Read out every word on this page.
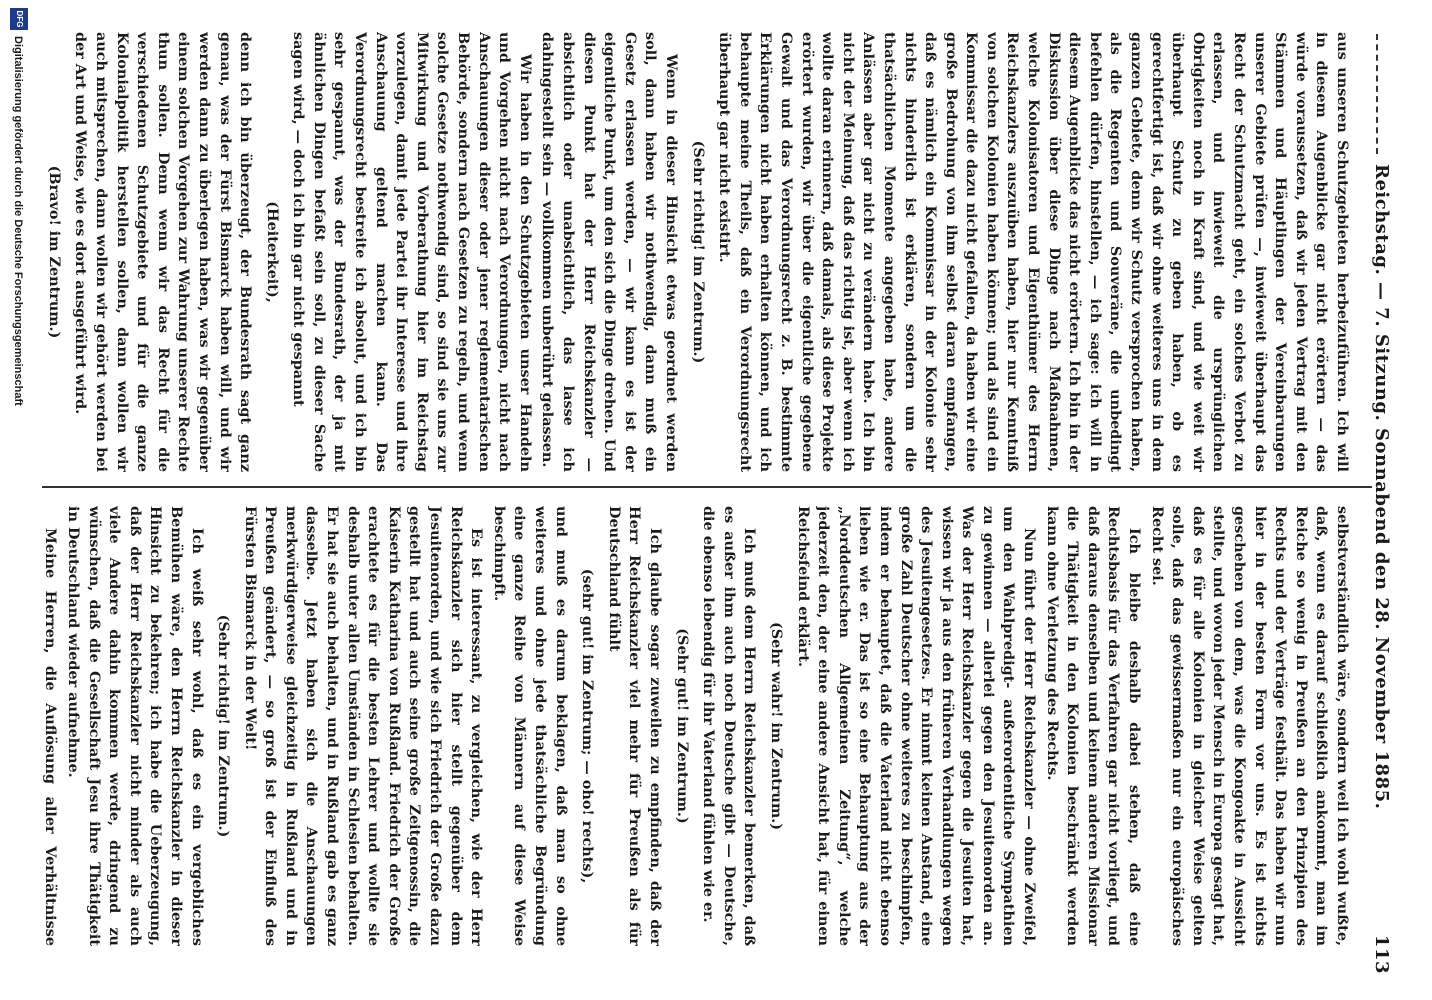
Reichstag. — 7. Sitzung. Sonnabend den 28. November 1885.
113

aus unseren Schutzgebieten herbeizuführen. Ich will in diesem Augenblicke gar nicht erörtern — das würde voraussetzen, daß wir jeden Vertrag mit den Stämmen und Häuptlingen der Vereinbarungen unserer Gebiete prüfen —, inwieweit überhaupt das Recht der Schutzmacht geht, ein solches Verbot zu erlassen, und inwieweit die ursprünglichen Obrigkeiten noch in Kraft sind, und wie weit wir überhaupt Schutz zu geben haben, ob es gerechtfertigt ist, daß wir ohne weiteres uns in dem ganzen Gebiete, denn wir Schutz versprochen haben, als die Regenten und Souveräne, die unbedingt befehlen dürfen, hinstellen, — ich sage: ich will in diesem Augenblicke das nicht erörtern. Ich bin in der Diskussion über diese Dinge nach Maßnahmen, welche Kolonisatoren und Eigenthümer des Herrn Reichskanzlers auszuüben haben, hier nur Kenntniß von solchen Kolonien haben können; und als sind ein Kommissar die dazu nicht gefallen, da haben wir eine große Bedrohung von ihm selbst daran empfangen, daß es nämlich ein Kommissar in der Kolonie sehr nichts hinderlich ist erklären, sondern um die thatsächlichen Momente angegeben habe, andere Anlässen aber gar nicht zu verändern habe. Ich bin nicht der Meinung, daß das richtig ist, aber wenn ich wollte daran erinnern, daß damals, als diese Projekte erörtert wurden, wir über die eigentliche gegebene Gewalt und das Verordnungsrecht z. B. bestimmte Erklärungen nicht haben erhalten können, und ich behaupte meine Theils, daß ein Verordnungsrecht überhaupt gar nicht existirt.

(Sehr richtig! im Zentrum.)

Wenn in dieser Hinsicht etwas geordnet werden soll, dann haben wir nothwendig, dann muß ein Gesetz erlassen werden, — wir kann es ist der eigentliche Punkt, um den sich die Dinge drehen. Und diesen Punkt hat der Herr Reichskanzler — absichtlich oder unabsichtlich, das lasse ich dahingestellt sein — vollkommen unberührt gelassen.

Wir haben in den Schutzgebieten unser Handeln und Vorgehen nicht nach Verordnungen, nicht nach Anschauungen dieser oder jener reglementarischen Behörde, sondern nach Gesetzen zu regeln, und wenn solche Gesetze nothwendig sind, so sind sie uns zur Mitwirkung und Vorberathung hier im Reichstag vorzulegen, damit jede Partei ihr Interesse und ihre Anschauung geltend machen kann. Das Verordnungsrecht bestreite ich absolut, und ich bin sehr gespannt, was der Bundesrath, der ja mit ähnlichen Dingen befaßt sein soll, zu dieser Sache sagen wird, — doch ich bin gar nicht gespannt

(Heiterkeit),

denn ich bin überzeugt, der Bundesrath sagt ganz genau, was der Fürst Bismarck haben will, und wir werden dann zu überlegen haben, was wir gegenüber einem solchen Vorgehen zur Wahrung unserer Rechte thun sollen. Denn wenn wir das Recht für die verschiedenen Schutzgebiete und für die ganze Kolonialpolitik herstellen sollen, dann wollen wir auch mitsprechen, dann wollen wir gehört werden bei der Art und Weise, wie es dort ausgeführt wird.

(Bravo! im Zentrum.)

selbstverständlich wäre, sondern weil ich wohl wußte, daß, wenn es darauf schließlich ankommt, man im Reiche so wenig in Preußen an den Prinzipien des Rechts und der Verträge festhält. Das haben wir nun hier in der besten Form vor uns. Es ist nichts geschehen von dem, was die Kongoakte in Aussicht stellte, und wovon jeder Mensch in Europa gesagt hat, daß es für alle Kolonien in gleicher Weise gelten solle, daß das gewissermaßen nur ein europäisches Recht sei.

Ich bleibe deshalb dabei stehen, daß eine Rechtsbasis für das Verfahren gar nicht vorliegt, und daß daraus denselben und keinem anderen Missionar die Thätigkeit in den Kolonien beschränkt werden kann ohne Verletzung des Rechts.

Nun führt der Herr Reichskanzler — ohne Zweifel, um den Wahlpredigt- außerordentliche Sympathien zu gewinnen — allerlei gegen den Jesuitenorden an. Was der Herr Reichskanzler gegen die Jesuiten hat, wissen wir ja aus den früheren Verhandlungen wegen des Jesuitengesetzes. Er nimmt keinen Anstand, eine große Zahl Deutscher ohne weiteres zu beschimpfen, indem er behauptet, daß die Vaterland nicht ebenso lieben wie er. Das ist so eine Behauptung aus der „Norddeutschen Allgemeinen Zeitung“, welche jederzeit den, der eine andere Ansicht hat, für einen Reichsfeind erklärt.

(Sehr wahr! im Zentrum.)

Ich muß dem Herrn Reichskanzler bemerken, daß es außer ihm auch noch Deutsche gibt — Deutsche, die ebenso lebendig für ihr Vaterland fühlen wie er.

(Sehr gut! im Zentrum.)

Ich glaube sogar zuweilen zu empfinden, daß der Herr Reichskanzler viel mehr für Preußen als für Deutschland fühlt

(sehr gut! im Zentrum; — oho! rechts),

und muß es darum beklagen, daß man so ohne weiteres und ohne jede thatsächliche Begründung eine ganze Reihe von Männern auf diese Weise beschimpft.

Es ist interessant, zu vergleichen, wie der Herr Reichskanzler sich hier stellt gegenüber dem Jesuitenorden, und wie sich Friedrich der Große dazu gestellt hat und auch seine große Zeitgenossin, die Kaiserin Katharina von Rußland. Friedrich der Große erachtete es für die besten Lehrer und wollte sie deshalb unter allen Umständen in Schlesien behalten. Er hat sie auch behalten, und in Rußland gab es ganz dasselbe. Jetzt haben sich die Anschauungen merkwürdigerweise gleichzeitig in Rußland und in Preußen geändert, — so groß ist der Einfluß des Fürsten Bismarck in der Welt!

(Sehr richtig! im Zentrum.)

Ich weiß sehr wohl, daß es ein vergebliches Bemühen wäre, den Herrn Reichskanzler in dieser Hinsicht zu bekehren; ich habe die Ueberzeugung, daß der Herr Reichskanzler nicht minder als auch viele Andere dahin kommen werde, dringend zu wünschen, daß die Gesellschaft Jesu ihre Thätigkeit in Deutschland wieder aufnehme.

Meine Herren, die Auflösung aller Verhältnisse

DFG
Digitalisierung gefördert durch die Deutsche Forschungsgemeinschaft
